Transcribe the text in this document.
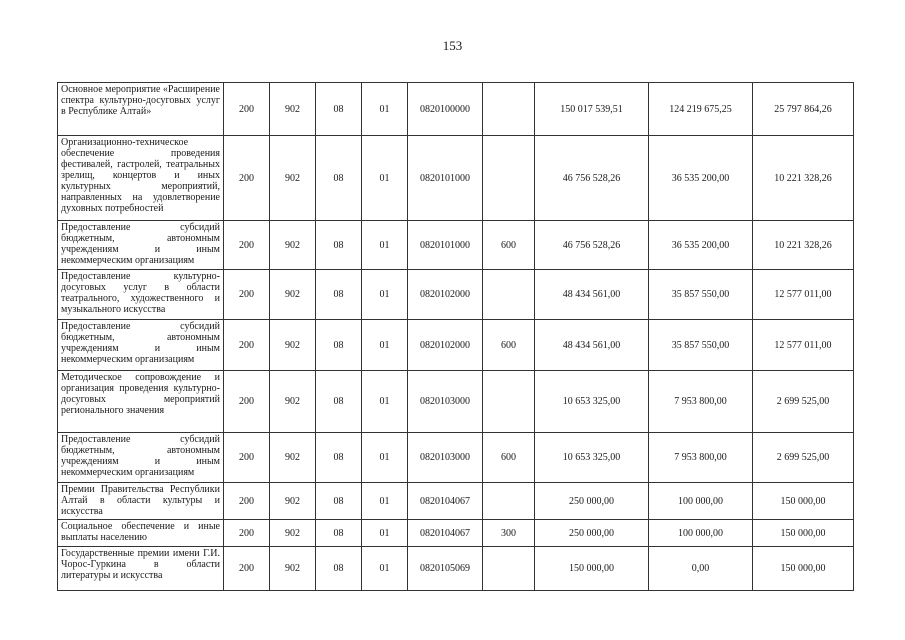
153
Основное мероприятие «Расширение спектра культурно-досуговых услуг в Республике Алтай»	200	902	08	01	0820100000		150 017 539,51	124 219 675,25	25 797 864,26
Организационно-техническое обеспечение проведения фестивалей, гастролей, театральных зрелищ, концертов и иных культурных мероприятий, направленных на удовлетворение духовных потребностей	200	902	08	01	0820101000		46 756 528,26	36 535 200,00	10 221 328,26
Предоставление субсидий бюджетным, автономным учреждениям и иным некоммерческим организациям	200	902	08	01	0820101000	600	46 756 528,26	36 535 200,00	10 221 328,26
Предоставление культурно-досуговых услуг в области театрального, художественного и музыкального искусства	200	902	08	01	0820102000		48 434 561,00	35 857 550,00	12 577 011,00
Предоставление субсидий бюджетным, автономным учреждениям и иным некоммерческим организациям	200	902	08	01	0820102000	600	48 434 561,00	35 857 550,00	12 577 011,00
Методическое сопровождение и организация проведения культурно-досуговых мероприятий регионального значения	200	902	08	01	0820103000		10 653 325,00	7 953 800,00	2 699 525,00
Предоставление субсидий бюджетным, автономным учреждениям и иным некоммерческим организациям	200	902	08	01	0820103000	600	10 653 325,00	7 953 800,00	2 699 525,00
Премии Правительства Республики Алтай в области культуры и искусства	200	902	08	01	0820104067		250 000,00	100 000,00	150 000,00
Социальное обеспечение и иные выплаты населению	200	902	08	01	0820104067	300	250 000,00	100 000,00	150 000,00
Государственные премии имени Г.И. Чорос-Гуркина в области литературы и искусства	200	902	08	01	0820105069		150 000,00	0,00	150 000,00
